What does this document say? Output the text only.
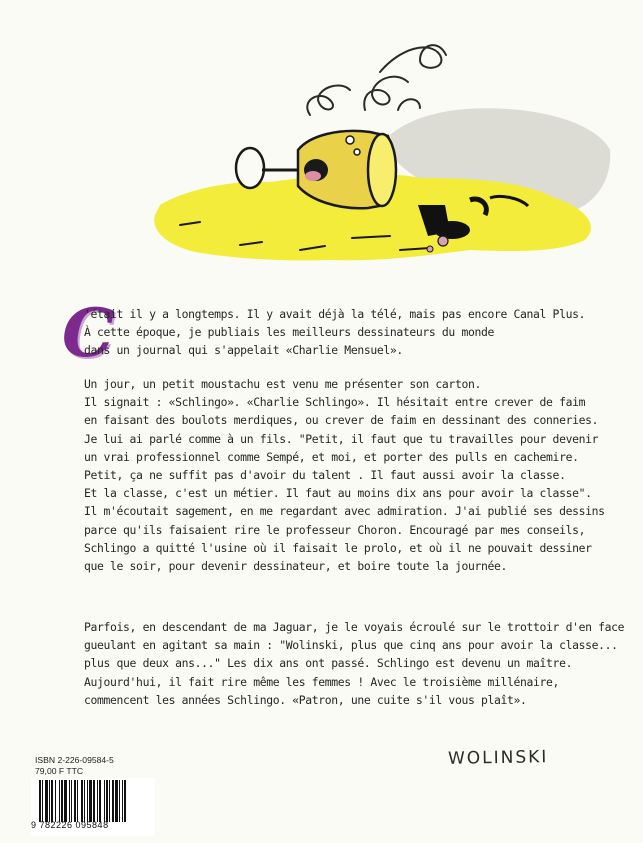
C
'était il y a longtemps. Il y avait déjà la télé, mais pas encore Canal Plus.
À cette époque, je publiais les meilleurs dessinateurs du monde
dans un journal qui s'appelait «Charlie Mensuel».
Un jour, un petit moustachu est venu me présenter son carton.
Il signait : «Schlingo». «Charlie Schlingo». Il hésitait entre crever de faim
en faisant des boulots merdiques, ou crever de faim en dessinant des conneries.
Je lui ai parlé comme à un fils. "Petit, il faut que tu travailles pour devenir
un vrai professionnel comme Sempé, et moi, et porter des pulls en cachemire.
Petit, ça ne suffit pas d'avoir du talent . Il faut aussi avoir la classe.
Et la classe, c'est un métier. Il faut au moins dix ans pour avoir la classe".
Il m'écoutait sagement, en me regardant avec admiration. J'ai publié ses dessins
parce qu'ils faisaient rire le professeur Choron. Encouragé par mes conseils,
Schlingo a quitté l'usine où il faisait le prolo, et où il ne pouvait dessiner
que le soir, pour devenir dessinateur, et boire toute la journée.
Parfois, en descendant de ma Jaguar, je le voyais écroulé sur le trottoir d'en face
gueulant en agitant sa main : "Wolinski, plus que cinq ans pour avoir la classe...
plus que deux ans..." Les dix ans ont passé. Schlingo est devenu un maître.
Aujourd'hui, il fait rire même les femmes ! Avec le troisième millénaire,
commencent les années Schlingo. «Patron, une cuite s'il vous plaît».
WOLINSKI
ISBN 2-226-09584-5
79,00 F TTC
9 782226 095848
